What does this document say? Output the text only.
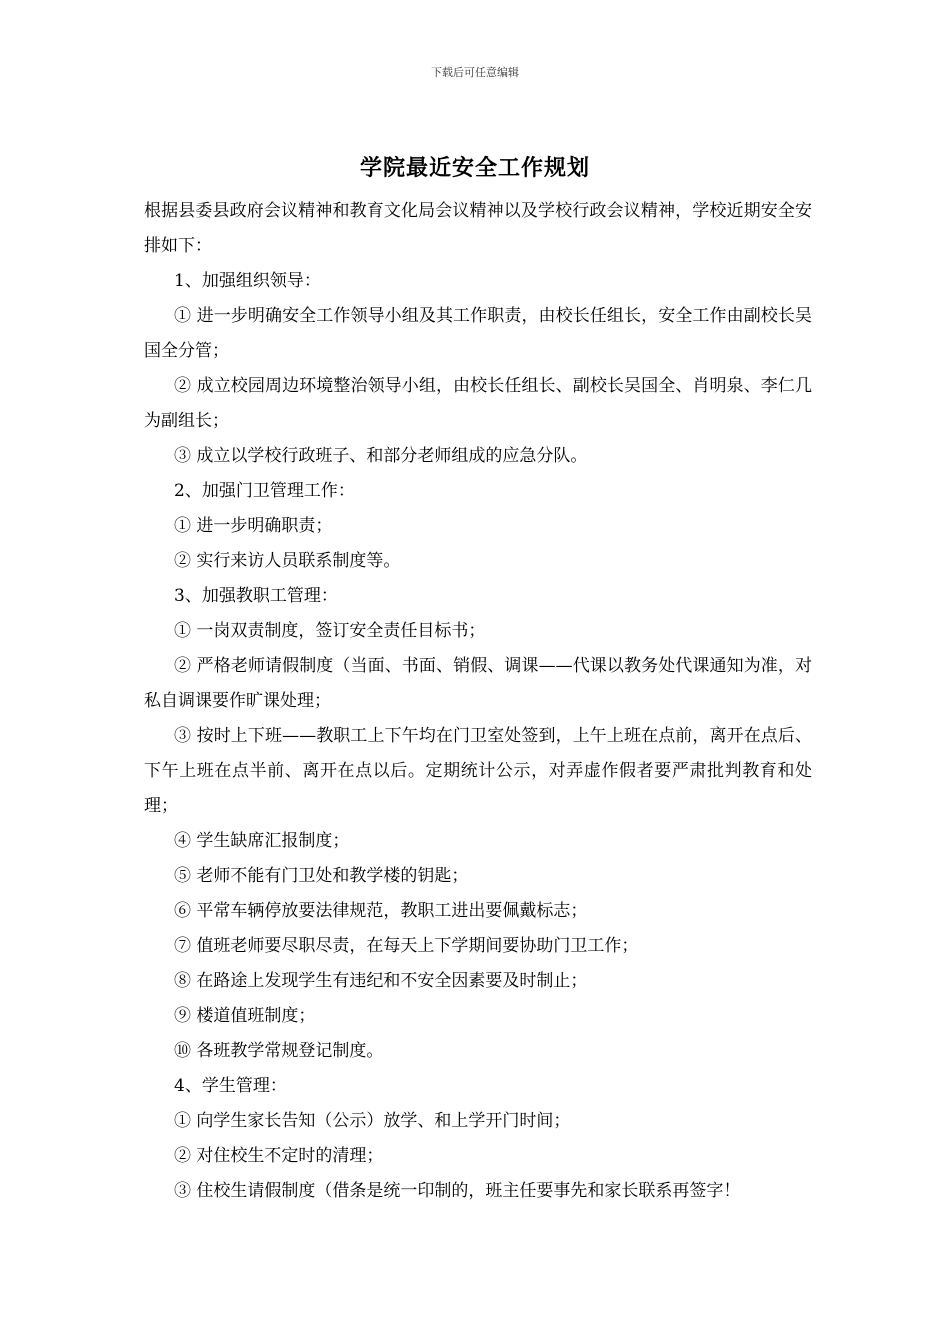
下载后可任意编辑
学院最近安全工作规划

根据县委县政府会议精神和教育文化局会议精神以及学校行政会议精神，学校近期安全安排如下：

1、加强组织领导：

① 进一步明确安全工作领导小组及其工作职责，由校长任组长，安全工作由副校长吴国全分管；

② 成立校园周边环境整治领导小组，由校长任组长、副校长吴国全、肖明泉、李仁几为副组长；

③ 成立以学校行政班子、和部分老师组成的应急分队。

2、加强门卫管理工作：

① 进一步明确职责；

② 实行来访人员联系制度等。

3、加强教职工管理：

① 一岗双责制度，签订安全责任目标书；

② 严格老师请假制度（当面、书面、销假、调课——代课以教务处代课通知为准，对私自调课要作旷课处理；

③ 按时上下班——教职工上下午均在门卫室处签到，上午上班在点前，离开在点后、下午上班在点半前、离开在点以后。定期统计公示，对弄虚作假者要严肃批判教育和处理；

④ 学生缺席汇报制度；

⑤ 老师不能有门卫处和教学楼的钥匙；

⑥ 平常车辆停放要法律规范，教职工进出要佩戴标志；

⑦ 值班老师要尽职尽责，在每天上下学期间要协助门卫工作；

⑧ 在路途上发现学生有违纪和不安全因素要及时制止；

⑨ 楼道值班制度；

⑩ 各班教学常规登记制度。

4、学生管理：

① 向学生家长告知（公示）放学、和上学开门时间；

② 对住校生不定时的清理；

③ 住校生请假制度（借条是统一印制的，班主任要事先和家长联系再签字！
